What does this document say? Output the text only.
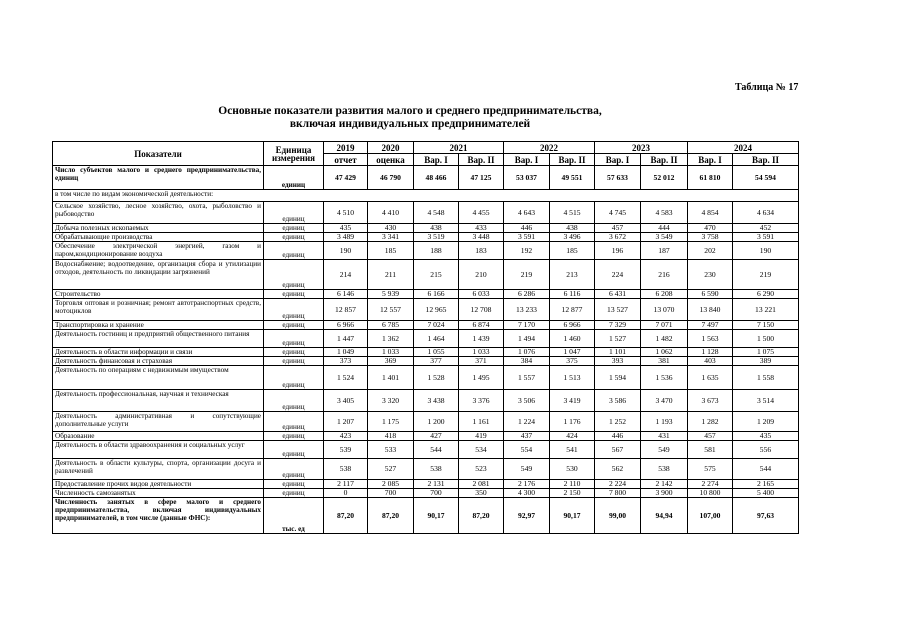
Таблица № 17
Основные показатели развития малого и среднего предпринимательства,
включая индивидуальных предпринимателей
Показатели	Единица измерения	2019	2020	2021		2022		2023		2024	
		отчет	оценка	Вар. I	Вар. II	Вар. I	Вар. II	Вар. I	Вар. II	Вар. I	Вар. II
Число субъектов малого и среднего предпринимательства, единиц	единиц	47 429	46 790	48 466	47 125	53 037	49 551	57 633	52 012	61 810	54 594
в том числе по видам экономической деятельности:											
Сельское хозяйство, лесное хозяйство, охота, рыболовство и рыбоводство	единиц	4 510	4 410	4 548	4 455	4 643	4 515	4 745	4 583	4 854	4 634
Добыча полезных ископаемых	единиц	435	430	438	433	446	438	457	444	470	452
Обрабатывающие производства	единиц	3 489	3 341	3 519	3 448	3 591	3 496	3 672	3 549	3 758	3 591
Обеспечение электрической энергией, газом и паром,кондиционирование воздуха	единиц	190	185	188	183	192	185	196	187	202	190
Водоснабжение; водоотведение, организация сбора и утилизации отходов, деятельность по ликвидации загрязнений	единиц	214	211	215	210	219	213	224	216	230	219
Строительство	единиц	6 146	5 939	6 166	6 033	6 286	6 116	6 431	6 208	6 590	6 290
Торговля оптовая и розничная; ремонт автотранспортных средств, мотоциклов	единиц	12 857	12 557	12 965	12 708	13 233	12 877	13 527	13 070	13 840	13 221
Транспортировка и хранение	единиц	6 966	6 785	7 024	6 874	7 170	6 966	7 329	7 071	7 497	7 150
Деятельность гостиниц и предприятий общественного питания	единиц	1 447	1 362	1 464	1 439	1 494	1 460	1 527	1 482	1 563	1 500
Деятельность в области информации и связи	единиц	1 049	1 033	1 055	1 033	1 076	1 047	1 101	1 062	1 128	1 075
Деятельность финансовая и страховая	единиц	373	369	377	371	384	375	393	381	403	389
Деятельность по операциям с недвижимым имуществом	единиц	1 524	1 401	1 528	1 495	1 557	1 513	1 594	1 536	1 635	1 558
Деятельность профессиональная, научная и техническая	единиц	3 405	3 320	3 438	3 376	3 506	3 419	3 586	3 470	3 673	3 514
Деятельность административная и сопутствующие дополнительные услуги	единиц	1 207	1 175	1 200	1 161	1 224	1 176	1 252	1 193	1 282	1 209
Образование	единиц	423	418	427	419	437	424	446	431	457	435
Деятельность в области здравоохранения и социальных услуг	единиц	539	533	544	534	554	541	567	549	581	556
Деятельность в области культуры, спорта, организации досуга и развлечений	единиц	538	527	538	523	549	530	562	538	575	544
Предоставление прочих видов деятельности	единиц	2 117	2 085	2 131	2 081	2 176	2 110	2 224	2 142	2 274	2 165
Численность самозанятых	единиц	0	700	700	350	4 300	2 150	7 800	3 900	10 800	5 400
Численность занятых в сфере малого и среднего предпринимательства, включая индивидуальных предпринимателей, в том числе (данные ФНС):	тыс. ед	87,20	87,20	90,17	87,20	92,97	90,17	99,00	94,94	107,00	97,63
